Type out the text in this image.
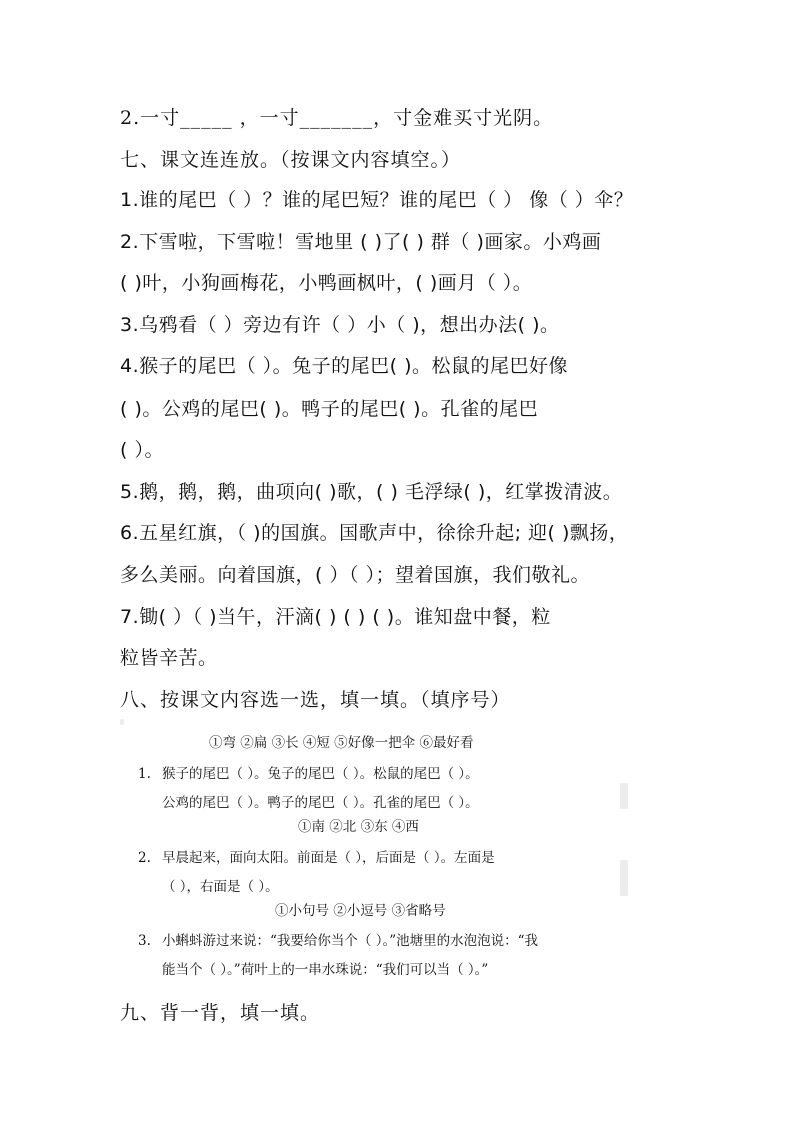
2.一寸_____ ，一寸_______，寸金难买寸光阴。
七、课文连连放。（按课文内容填空。）
1.谁的尾巴（ ）？谁的尾巴短？谁的尾巴（ ） 像（ ）伞？
2.下雪啦，下雪啦！雪地里 ( )了( ) 群（ )画家。小鸡画
( )叶，小狗画梅花，小鸭画枫叶，( )画月（ ）。
3.乌鸦看（ ）旁边有许（ ）小（ )，想出办法( )。
4.猴子的尾巴（ ）。兔子的尾巴( )。松鼠的尾巴好像
( )。公鸡的尾巴( )。鸭子的尾巴( )。孔雀的尾巴
( ）。
5.鹅，鹅，鹅，曲项向( )歌，( ) 毛浮绿( )，红掌拨清波。
6.五星红旗，（ )的国旗。国歌声中，徐徐升起; 迎( )飘扬，
多么美丽。向着国旗，( ）（ ）；望着国旗，我们敬礼。
7.锄( ）（ )当午，汗滴( ) ( ) ( )。谁知盘中餐，粒
粒皆辛苦。
八、按课文内容选一选，填一填。（填序号）
①弯 ②扁 ③长 ④短 ⑤好像一把伞 ⑥最好看
1. 猴子的尾巴（ ）。兔子的尾巴（ ）。松鼠的尾巴（ ）。
公鸡的尾巴（ ）。鸭子的尾巴（ ）。孔雀的尾巴（ ）。
①南 ②北 ③东 ④西
2. 早晨起来，面向太阳。前面是（ ），后面是（ ）。左面是
（ ），右面是（ ）。
①小句号 ②小逗号 ③省略号
3. 小蝌蚪游过来说：“我要给你当个（ ）。”池塘里的水泡泡说：“我
能当个（ ）。”荷叶上的一串水珠说：“我们可以当（ ）。”
九、背一背，填一填。
